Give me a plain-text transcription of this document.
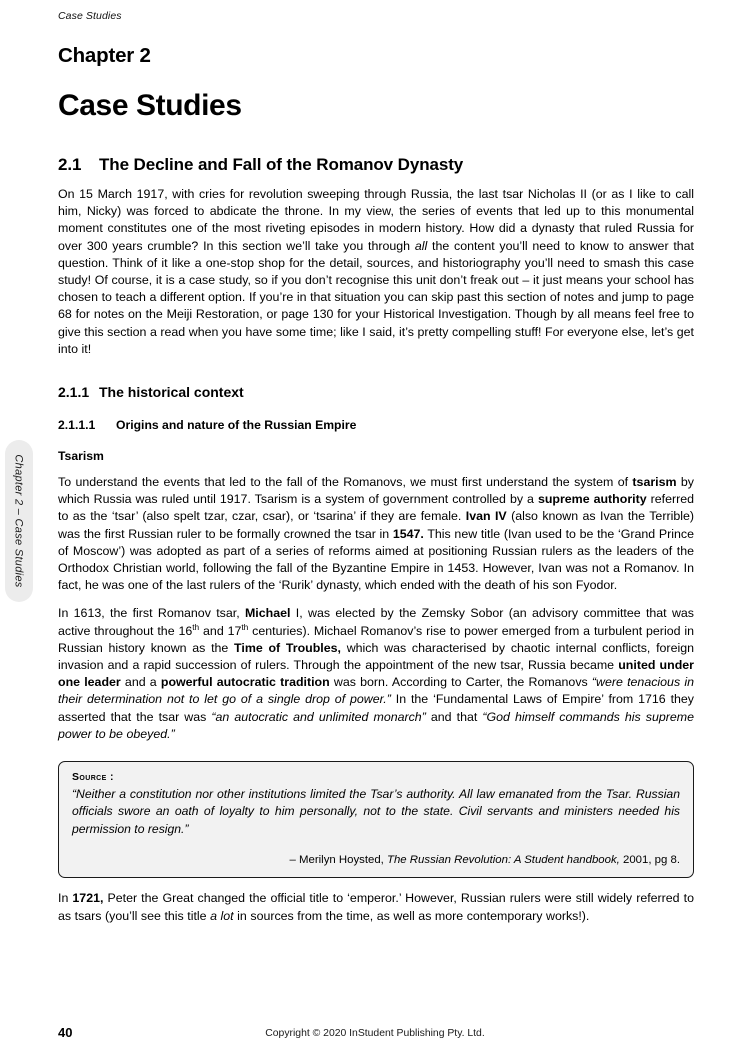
Case Studies
Chapter 2 – Case Studies
Chapter 2
Case Studies
2.1 The Decline and Fall of the Romanov Dynasty

On 15 March 1917, with cries for revolution sweeping through Russia, the last tsar Nicholas II (or as I like to call him, Nicky) was forced to abdicate the throne. In my view, the series of events that led up to this monumental moment constitutes one of the most riveting episodes in modern history. How did a dynasty that ruled Russia for over 300 years crumble? In this section we’ll take you through all the content you’ll need to know to answer that question. Think of it like a one-stop shop for the detail, sources, and historiography you’ll need to smash this case study! Of course, it is a case study, so if you don’t recognise this unit don’t freak out – it just means your school has chosen to teach a different option. If you’re in that situation you can skip past this section of notes and jump to page 68 for notes on the Meiji Restoration, or page 130 for your Historical Investigation. Though by all means feel free to give this section a read when you have some time; like I said, it’s pretty compelling stuff! For everyone else, let’s get into it!

2.1.1 The historical context
2.1.1.1 Origins and nature of the Russian Empire
Tsarism

To understand the events that led to the fall of the Romanovs, we must first understand the system of tsarism by which Russia was ruled until 1917. Tsarism is a system of government controlled by a supreme authority referred to as the ‘tsar’ (also spelt tzar, czar, csar), or ‘tsarina’ if they are female. Ivan IV (also known as Ivan the Terrible) was the first Russian ruler to be formally crowned the tsar in 1547. This new title (Ivan used to be the ‘Grand Prince of Moscow’) was adopted as part of a series of reforms aimed at positioning Russian rulers as the leaders of the Orthodox Christian world, following the fall of the Byzantine Empire in 1453. However, Ivan was not a Romanov. In fact, he was one of the last rulers of the ‘Rurik’ dynasty, which ended with the death of his son Fyodor.

In 1613, the first Romanov tsar, Michael I, was elected by the Zemsky Sobor (an advisory committee that was active throughout the 16th and 17th centuries). Michael Romanov’s rise to power emerged from a turbulent period in Russian history known as the Time of Troubles, which was characterised by chaotic internal conflicts, foreign invasion and a rapid succession of rulers. Through the appointment of the new tsar, Russia became united under one leader and a powerful autocratic tradition was born. According to Carter, the Romanovs “were tenacious in their determination not to let go of a single drop of power.” In the ‘Fundamental Laws of Empire’ from 1716 they asserted that the tsar was “an autocratic and unlimited monarch” and that “God himself commands his supreme power to be obeyed.”

Source :

“Neither a constitution nor other institutions limited the Tsar’s authority. All law emanated from the Tsar. Russian officials swore an oath of loyalty to him personally, not to the state. Civil servants and ministers needed his permission to resign.”

– Merilyn Hoysted, The Russian Revolution: A Student handbook, 2001, pg 8.

In 1721, Peter the Great changed the official title to ‘emperor.’ However, Russian rulers were still widely referred to as tsars (you’ll see this title a lot in sources from the time, as well as more contemporary works!).

40	Copyright © 2020 InStudent Publishing Pty. Ltd.
